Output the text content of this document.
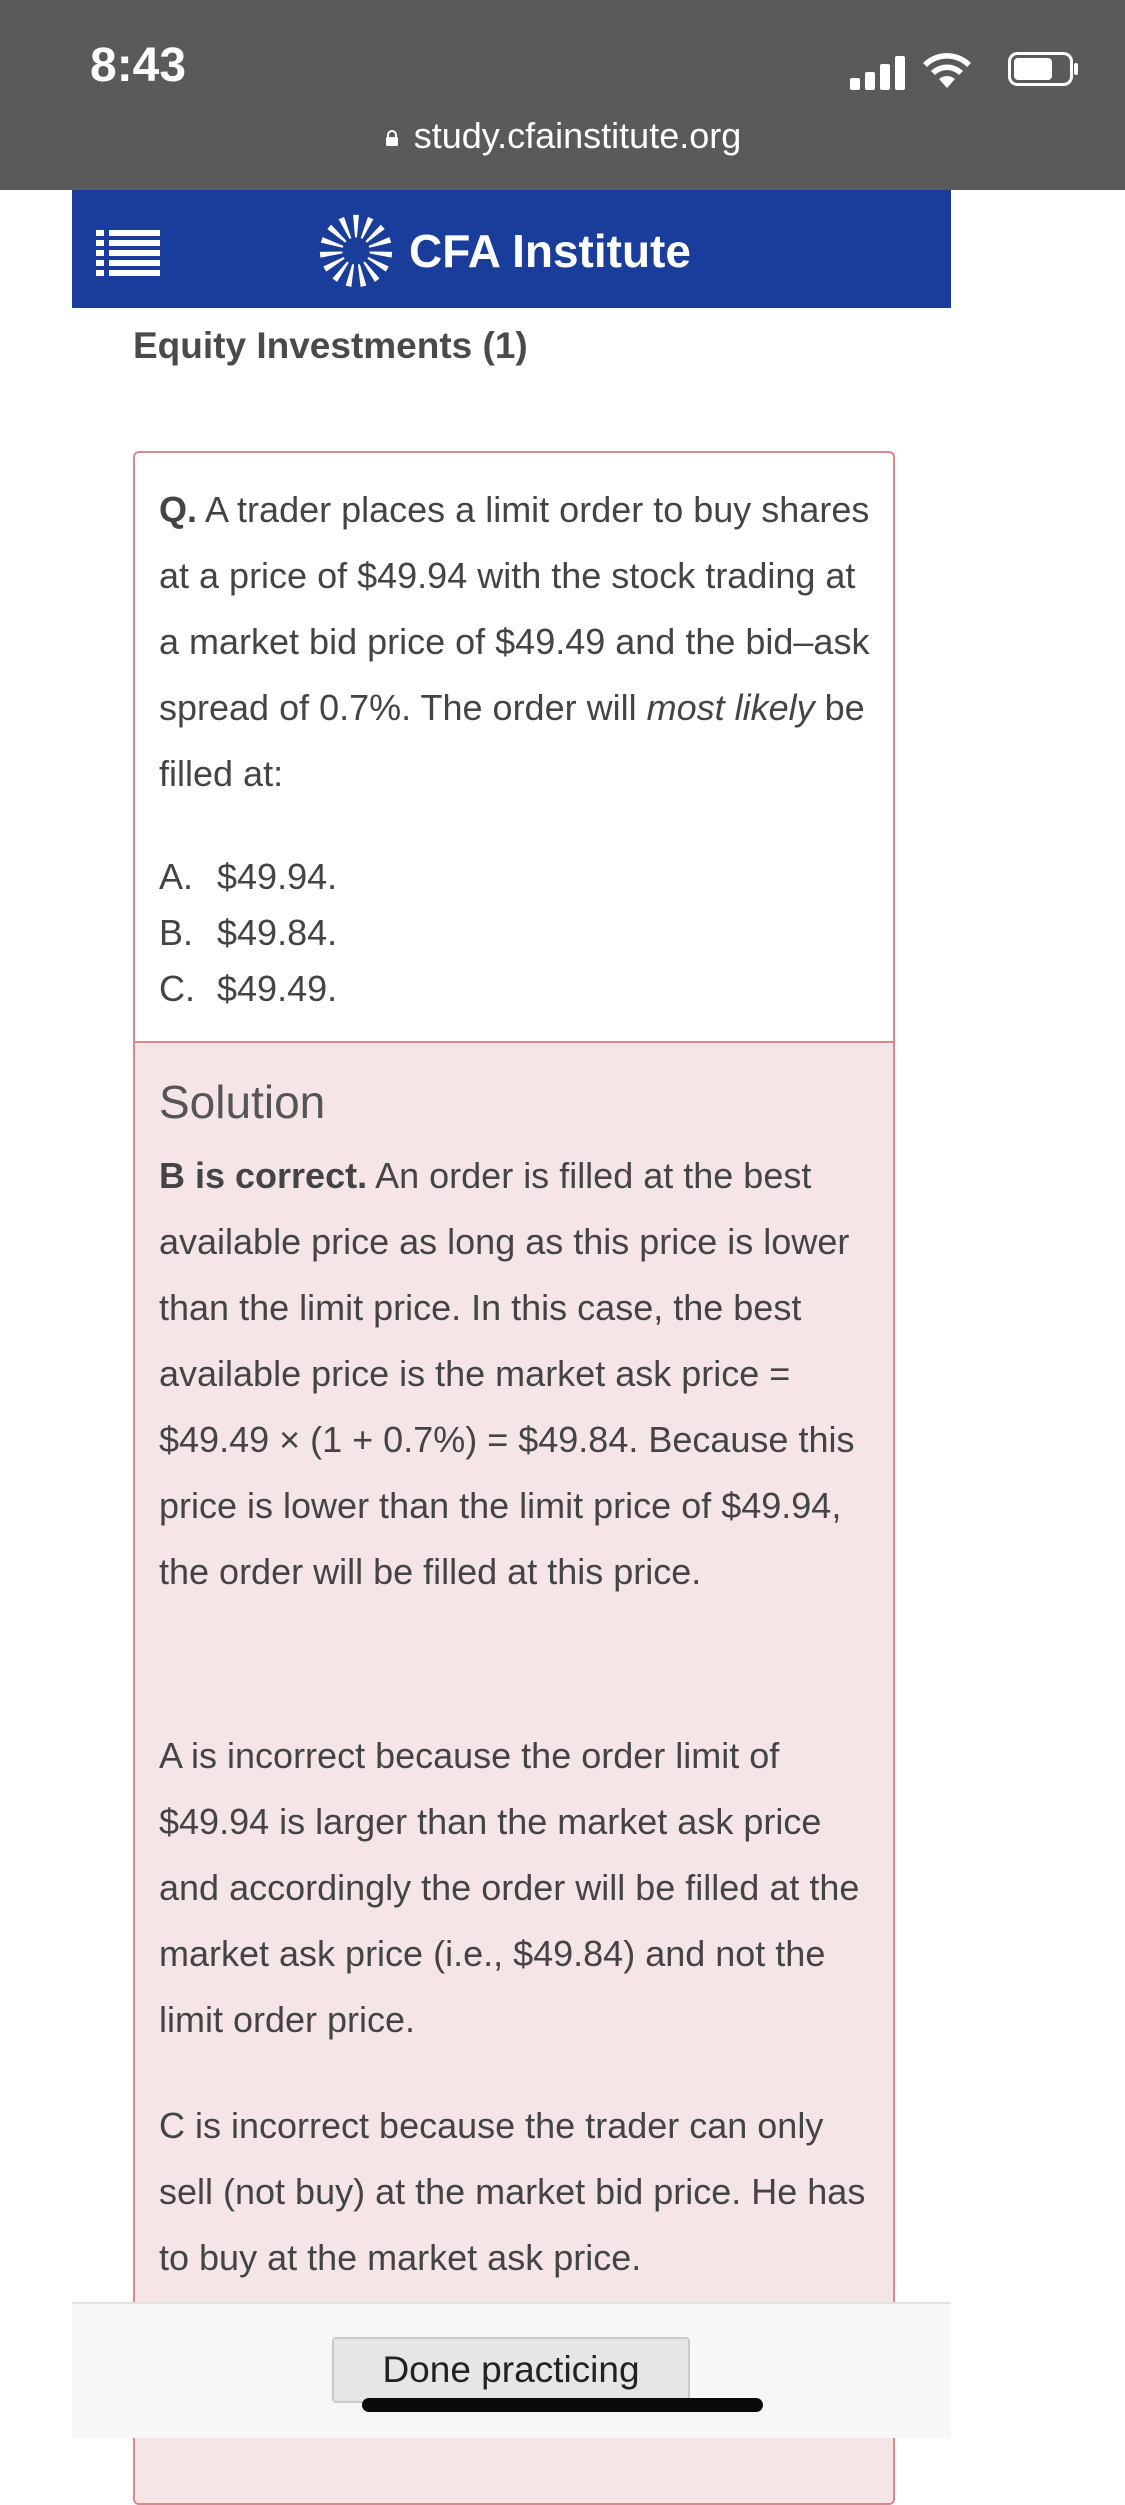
8:43
study.cfainstitute.org
CFA Institute
Equity Investments (1)
Q. A trader places a limit order to buy shares at a price of $49.94 with the stock trading at a market bid price of $49.49 and the bid–ask spread of 0.7%. The order will most likely be filled at:
A. $49.94.
B. $49.84.
C. $49.49.
Solution
B is correct. An order is filled at the best available price as long as this price is lower than the limit price. In this case, the best available price is the market ask price = $49.49 × (1 + 0.7%) = $49.84. Because this price is lower than the limit price of $49.94, the order will be filled at this price.
A is incorrect because the order limit of $49.94 is larger than the market ask price and accordingly the order will be filled at the market ask price (i.e., $49.84) and not the limit order price.
C is incorrect because the trader can only sell (not buy) at the market bid price. He has to buy at the market ask price.
Done practicing
